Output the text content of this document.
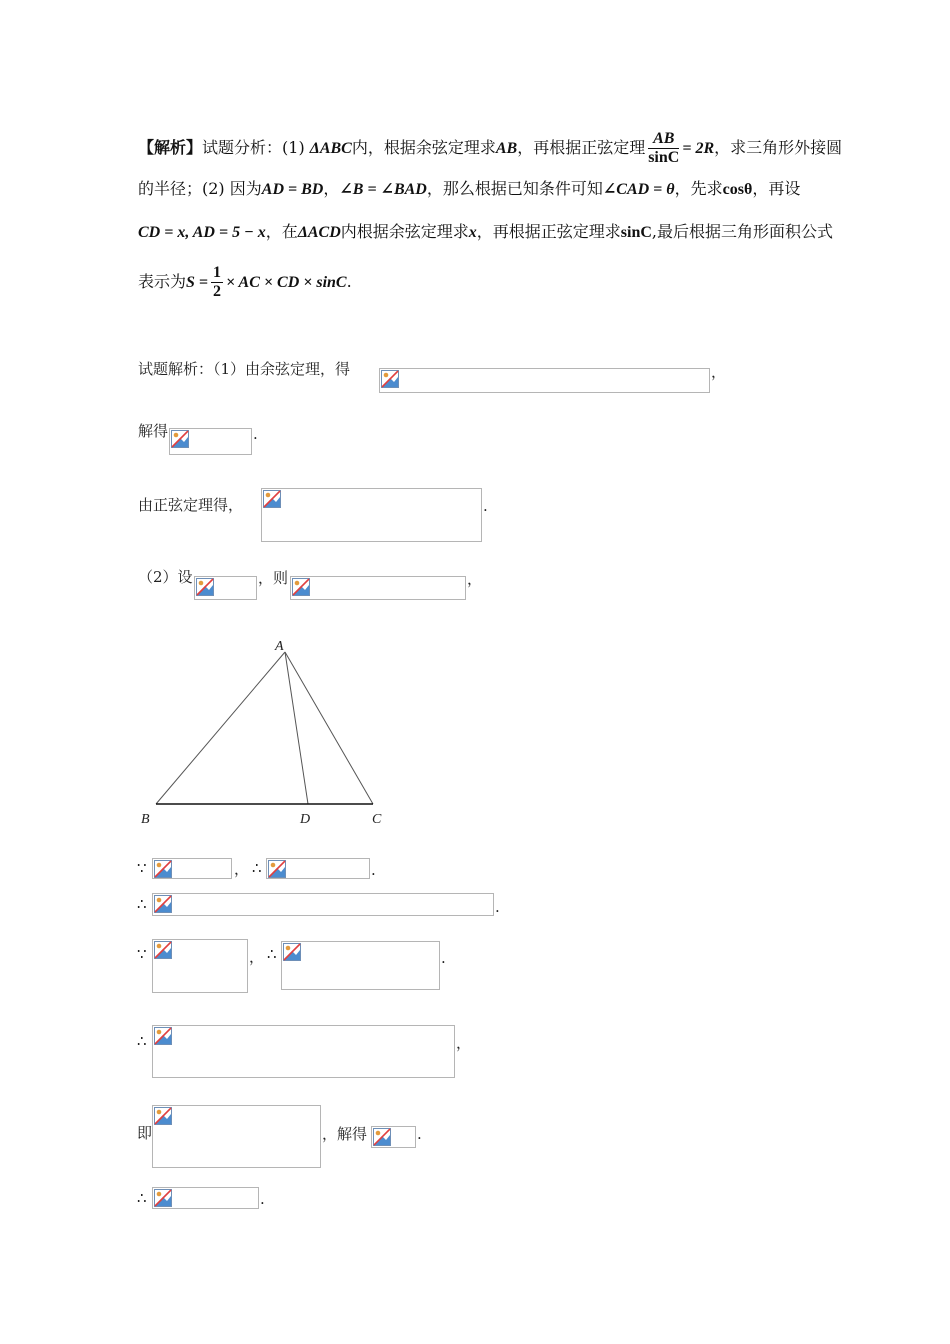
【解析】试题分析：(1) ΔABC内，根据余弦定理求AB，再根据正弦定理 $\frac{AB}{\sin C} = 2R$，求三角形外接圆
的半径；(2) 因为AD = BD，∠B = ∠BAD，那么根据已知条件可知∠CAD = θ，先求cosθ，再设
CD = x, AD = 5 − x，在ΔACD内根据余弦定理求x，再根据正弦定理求sinC,最后根据三角形面积公式
表示为$S = \frac{1}{2}$ × AC × CD × sinC.
试题解析：（1）由余弦定理，得	，
解得	.
由正弦定理得，	.
（2）设	，则	，
A
B	D	C
∵	， ∴	.
∴	.
∵	， ∴	.
∴	，
即	，解得	.
∴	.
